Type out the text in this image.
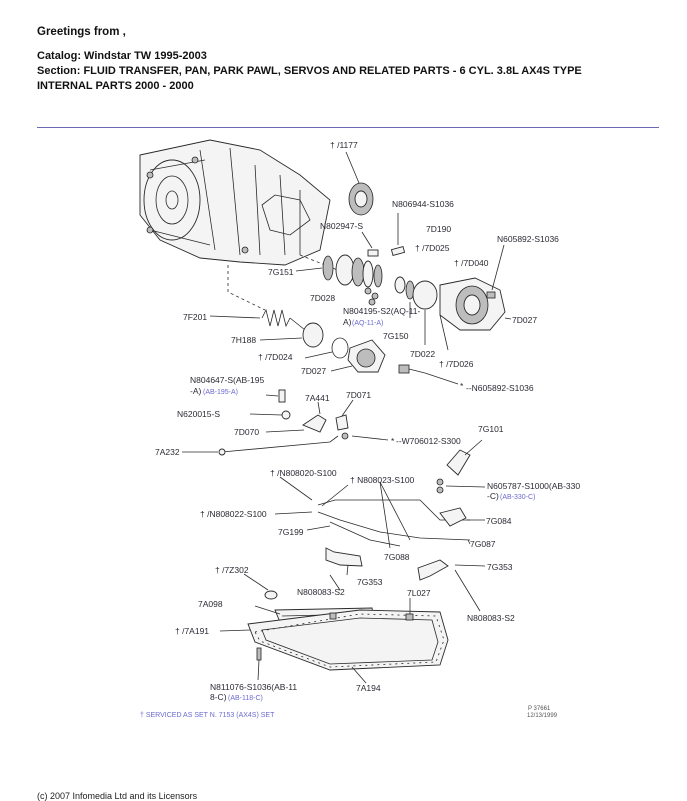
Greetings from ,
Catalog: Windstar TW 1995-2003
Section: FLUID TRANSFER, PAN, PARK PAWL, SERVOS AND RELATED PARTS - 6 CYL. 3.8L AX4S TYPE
INTERNAL PARTS 2000 - 2000
*
*
† /1177
N806944-S1036
N802947-S	7D190
N605892-S1036
† /7D025
† /7D040
7G151
7D028
N804195-S2(AQ-11-
A) (AQ-11-A)
7F201	7D027
7G150
7H188
7D022
† /7D024
† /7D026
7D027
--N605892-S1036
N804647-S(AB-195
-A) (AB-195-A)
7A441 7D071
N620015-S
7D070
--W706012-S300
7G101
7A232
† /N808020-S100
† N808023-S100
N605787-S1000(AB-330
-C) (AB-330-C)
† /N808022-S100
7G084
7G199
7G087
7G088
7G353
† /7Z302
7G353
N808083-S2	7L027
7A098
N808083-S2
† /7A191
N811076-S1036(AB-11
8-C) (AB-118-C)
7A194
† SERVICED AS SET N. 7153 (AX4S) SET
P 37661
12/13/1999
(c) 2007 Infomedia Ltd and its Licensors
